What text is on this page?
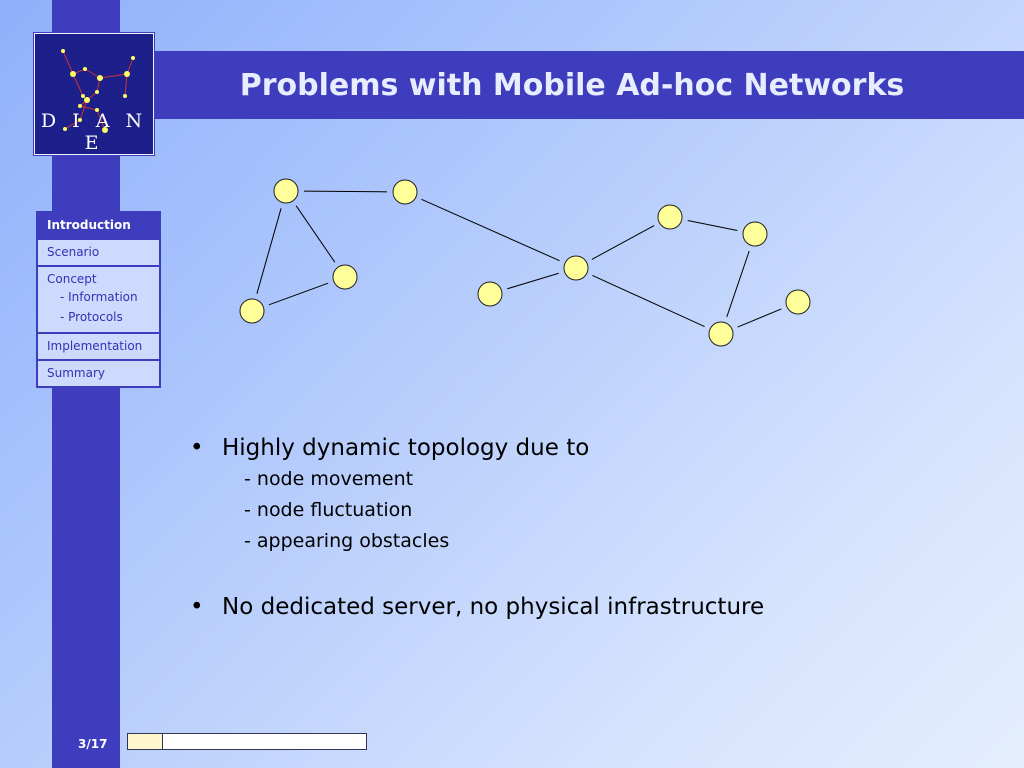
Problems with Mobile Ad-hoc Networks
D I A N E
Introduction
Scenario
Concept
- Information
- Protocols
Implementation
Summary
• Highly dynamic topology due to
- node movement
- node fluctuation
- appearing obstacles
• No dedicated server, no physical infrastructure
3/17
